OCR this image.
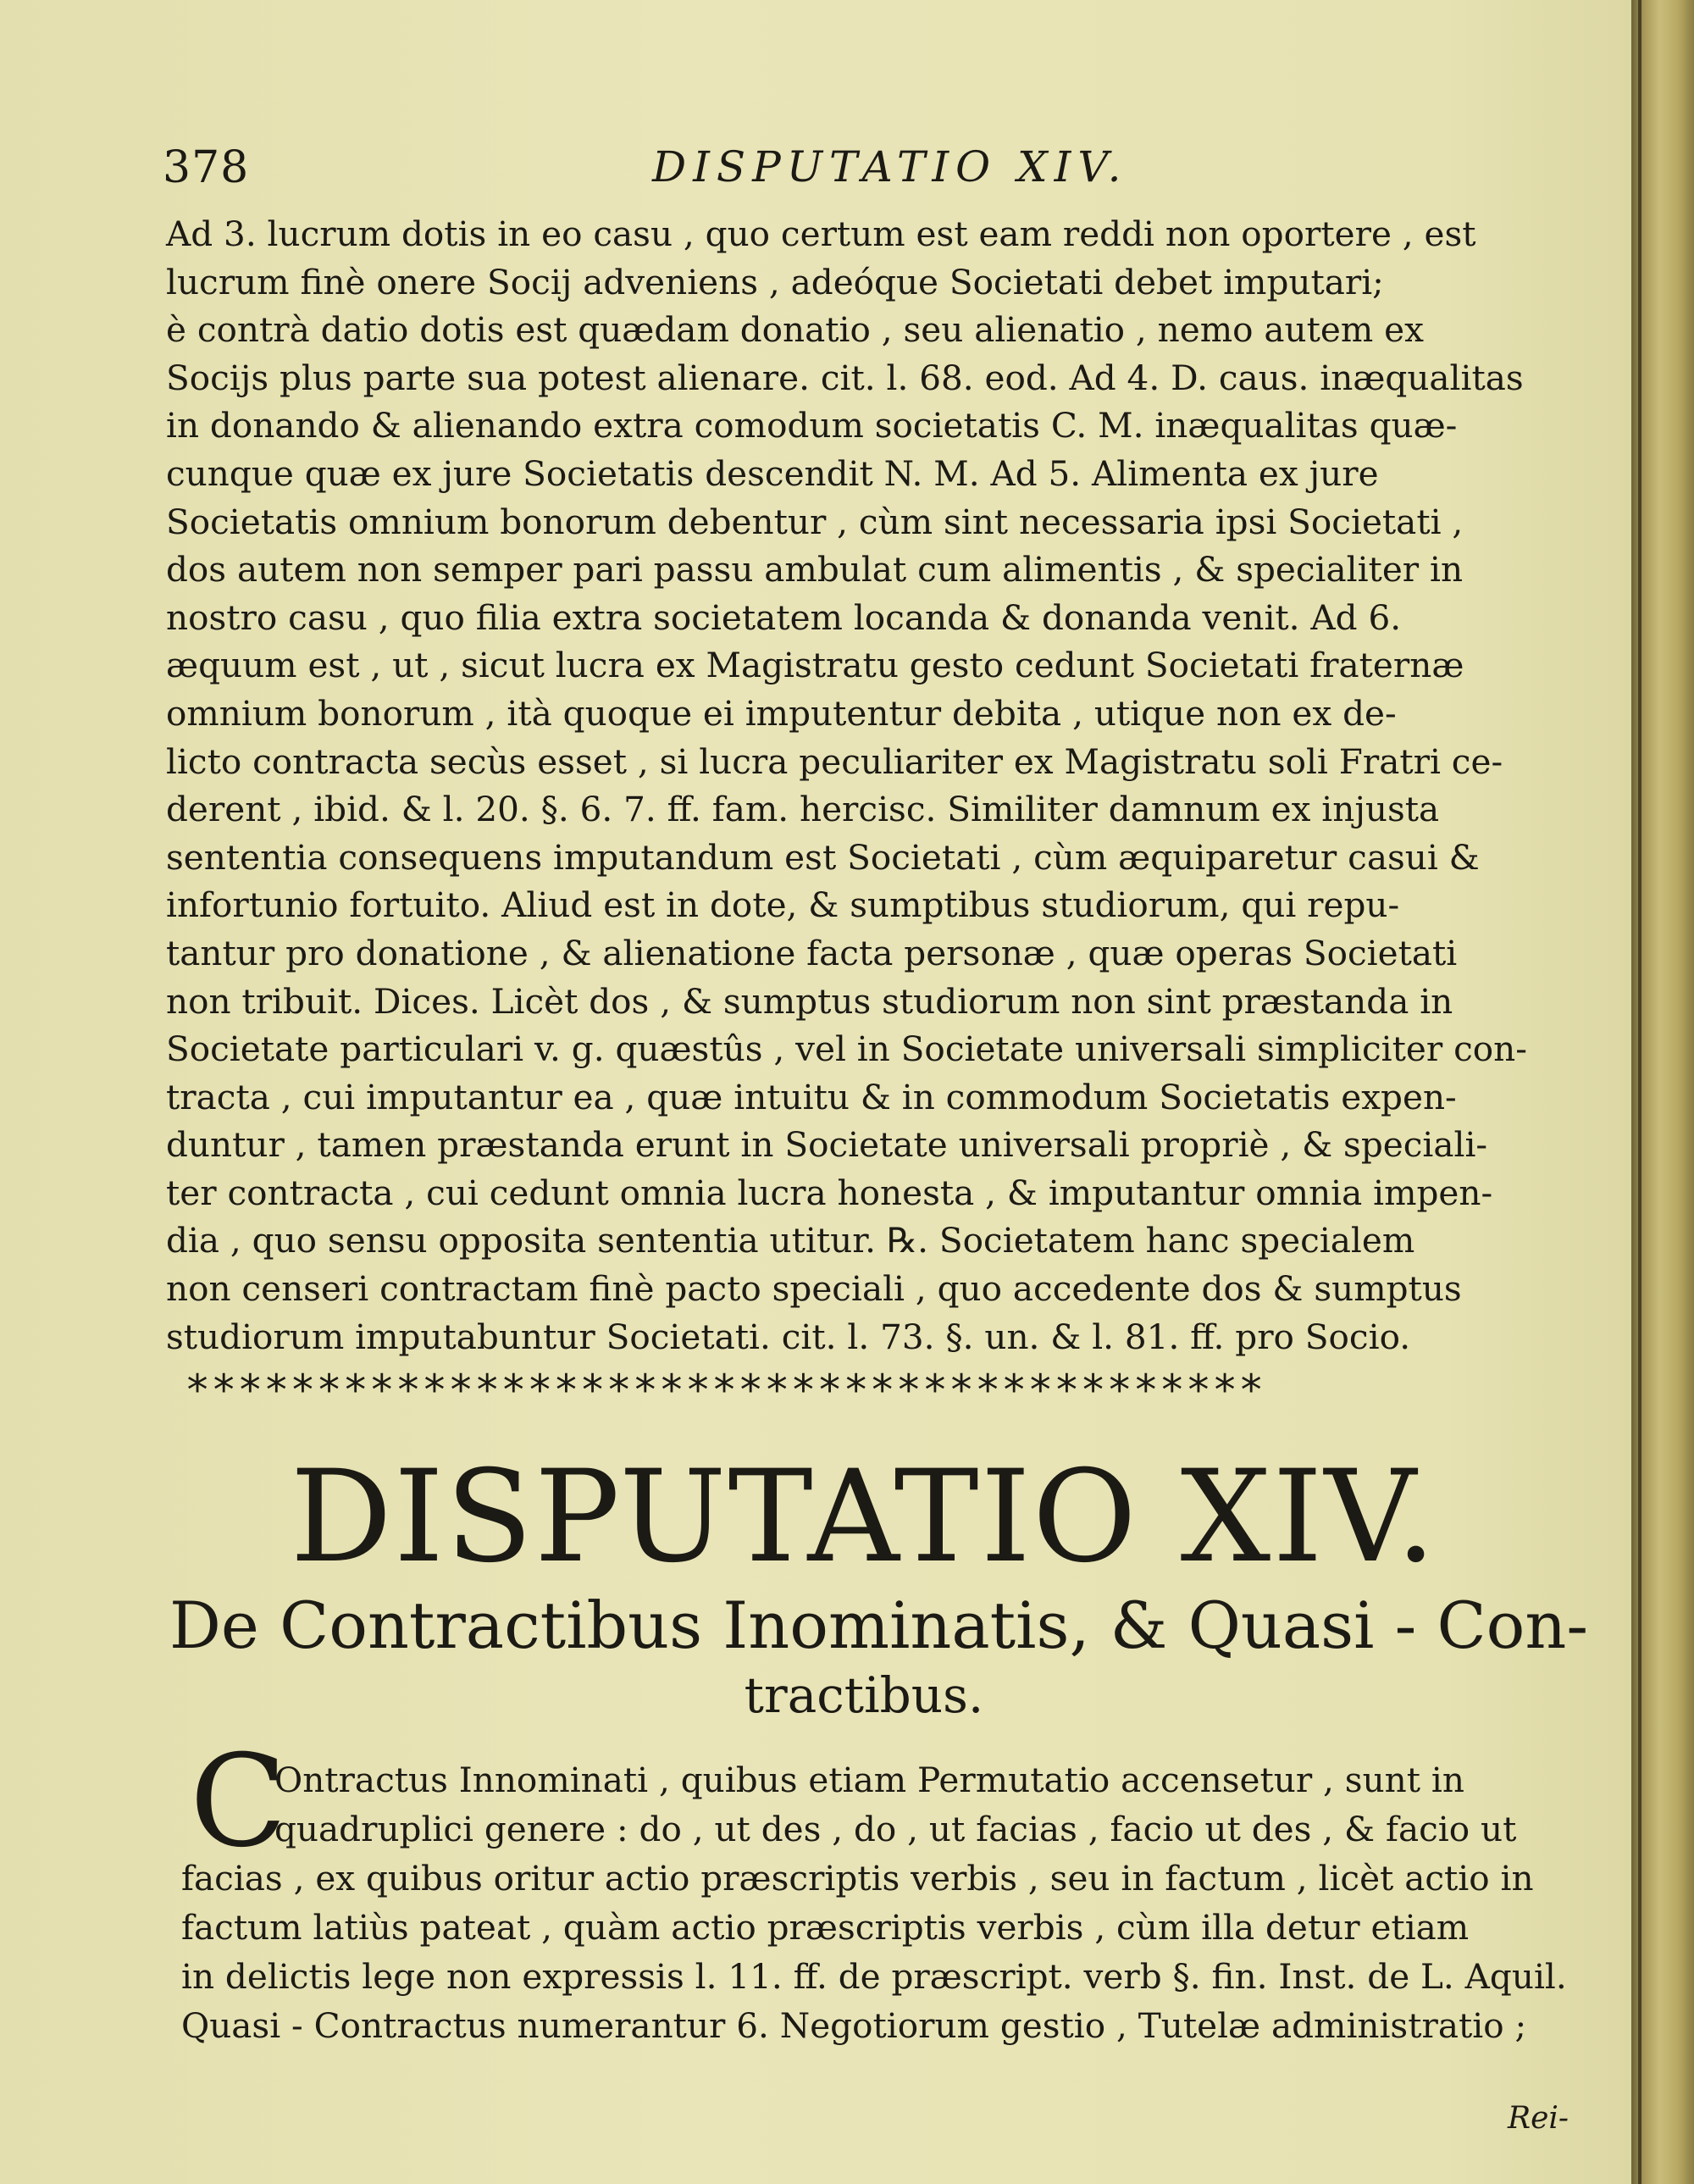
378	DISPUTATIO XIV.
Ad 3. lucrum dotis in eo casu , quo certum est eam reddi non oportere , est
lucrum finè onere Socij adveniens , adeóque Societati debet imputari;
è contrà datio dotis est quædam donatio , seu alienatio , nemo autem ex
Socijs plus parte sua potest alienare. cit. l. 68. eod. Ad 4. D. caus. inæqualitas
in donando & alienando extra comodum societatis C. M. inæqualitas quæ-
cunque quæ ex jure Societatis descendit N. M. Ad 5. Alimenta ex jure
Societatis omnium bonorum debentur , cùm sint necessaria ipsi Societati ,
dos autem non semper pari passu ambulat cum alimentis , & specialiter in
nostro casu , quo filia extra societatem locanda & donanda venit. Ad 6.
æquum est , ut , sicut lucra ex Magistratu gesto cedunt Societati fraternæ
omnium bonorum , ità quoque ei imputentur debita , utique non ex de-
licto contracta secùs esset , si lucra peculiariter ex Magistratu soli Fratri ce-
derent , ibid. & l. 20. §. 6. 7. ff. fam. hercisc. Similiter damnum ex injusta
sententia consequens imputandum est Societati , cùm æquiparetur casui &
infortunio fortuito. Aliud est in dote, & sumptibus studiorum, qui repu-
tantur pro donatione , & alienatione facta personæ , quæ operas Societati
non tribuit. Dices. Licèt dos , & sumptus studiorum non sint præstanda in
Societate particulari v. g. quæstûs , vel in Societate universali simpliciter con-
tracta , cui imputantur ea , quæ intuitu & in commodum Societatis expen-
duntur , tamen præstanda erunt in Societate universali propriè , & speciali-
ter contracta , cui cedunt omnia lucra honesta , & imputantur omnia impen-
dia , quo sensu opposita sententia utitur. ℞. Societatem hanc specialem
non censeri contractam finè pacto speciali , quo accedente dos & sumptus
studiorum imputabuntur Societati. cit. l. 73. §. un. & l. 81. ff. pro Socio.
*****************************************
DISPUTATIO XIV.
De Contractibus Inominatis, & Quasi - Con-
tractibus.
C
Ontractus Innominati , quibus etiam Permutatio accensetur , sunt in
quadruplici genere : do , ut des , do , ut facias , facio ut des , & facio ut
facias , ex quibus oritur actio præscriptis verbis , seu in factum , licèt actio in
factum latiùs pateat , quàm actio præscriptis verbis , cùm illa detur etiam
in delictis lege non expressis l. 11. ff. de præscript. verb §. fin. Inst. de L. Aquil.
Quasi - Contractus numerantur 6. Negotiorum gestio , Tutelæ administratio ;
Rei-
